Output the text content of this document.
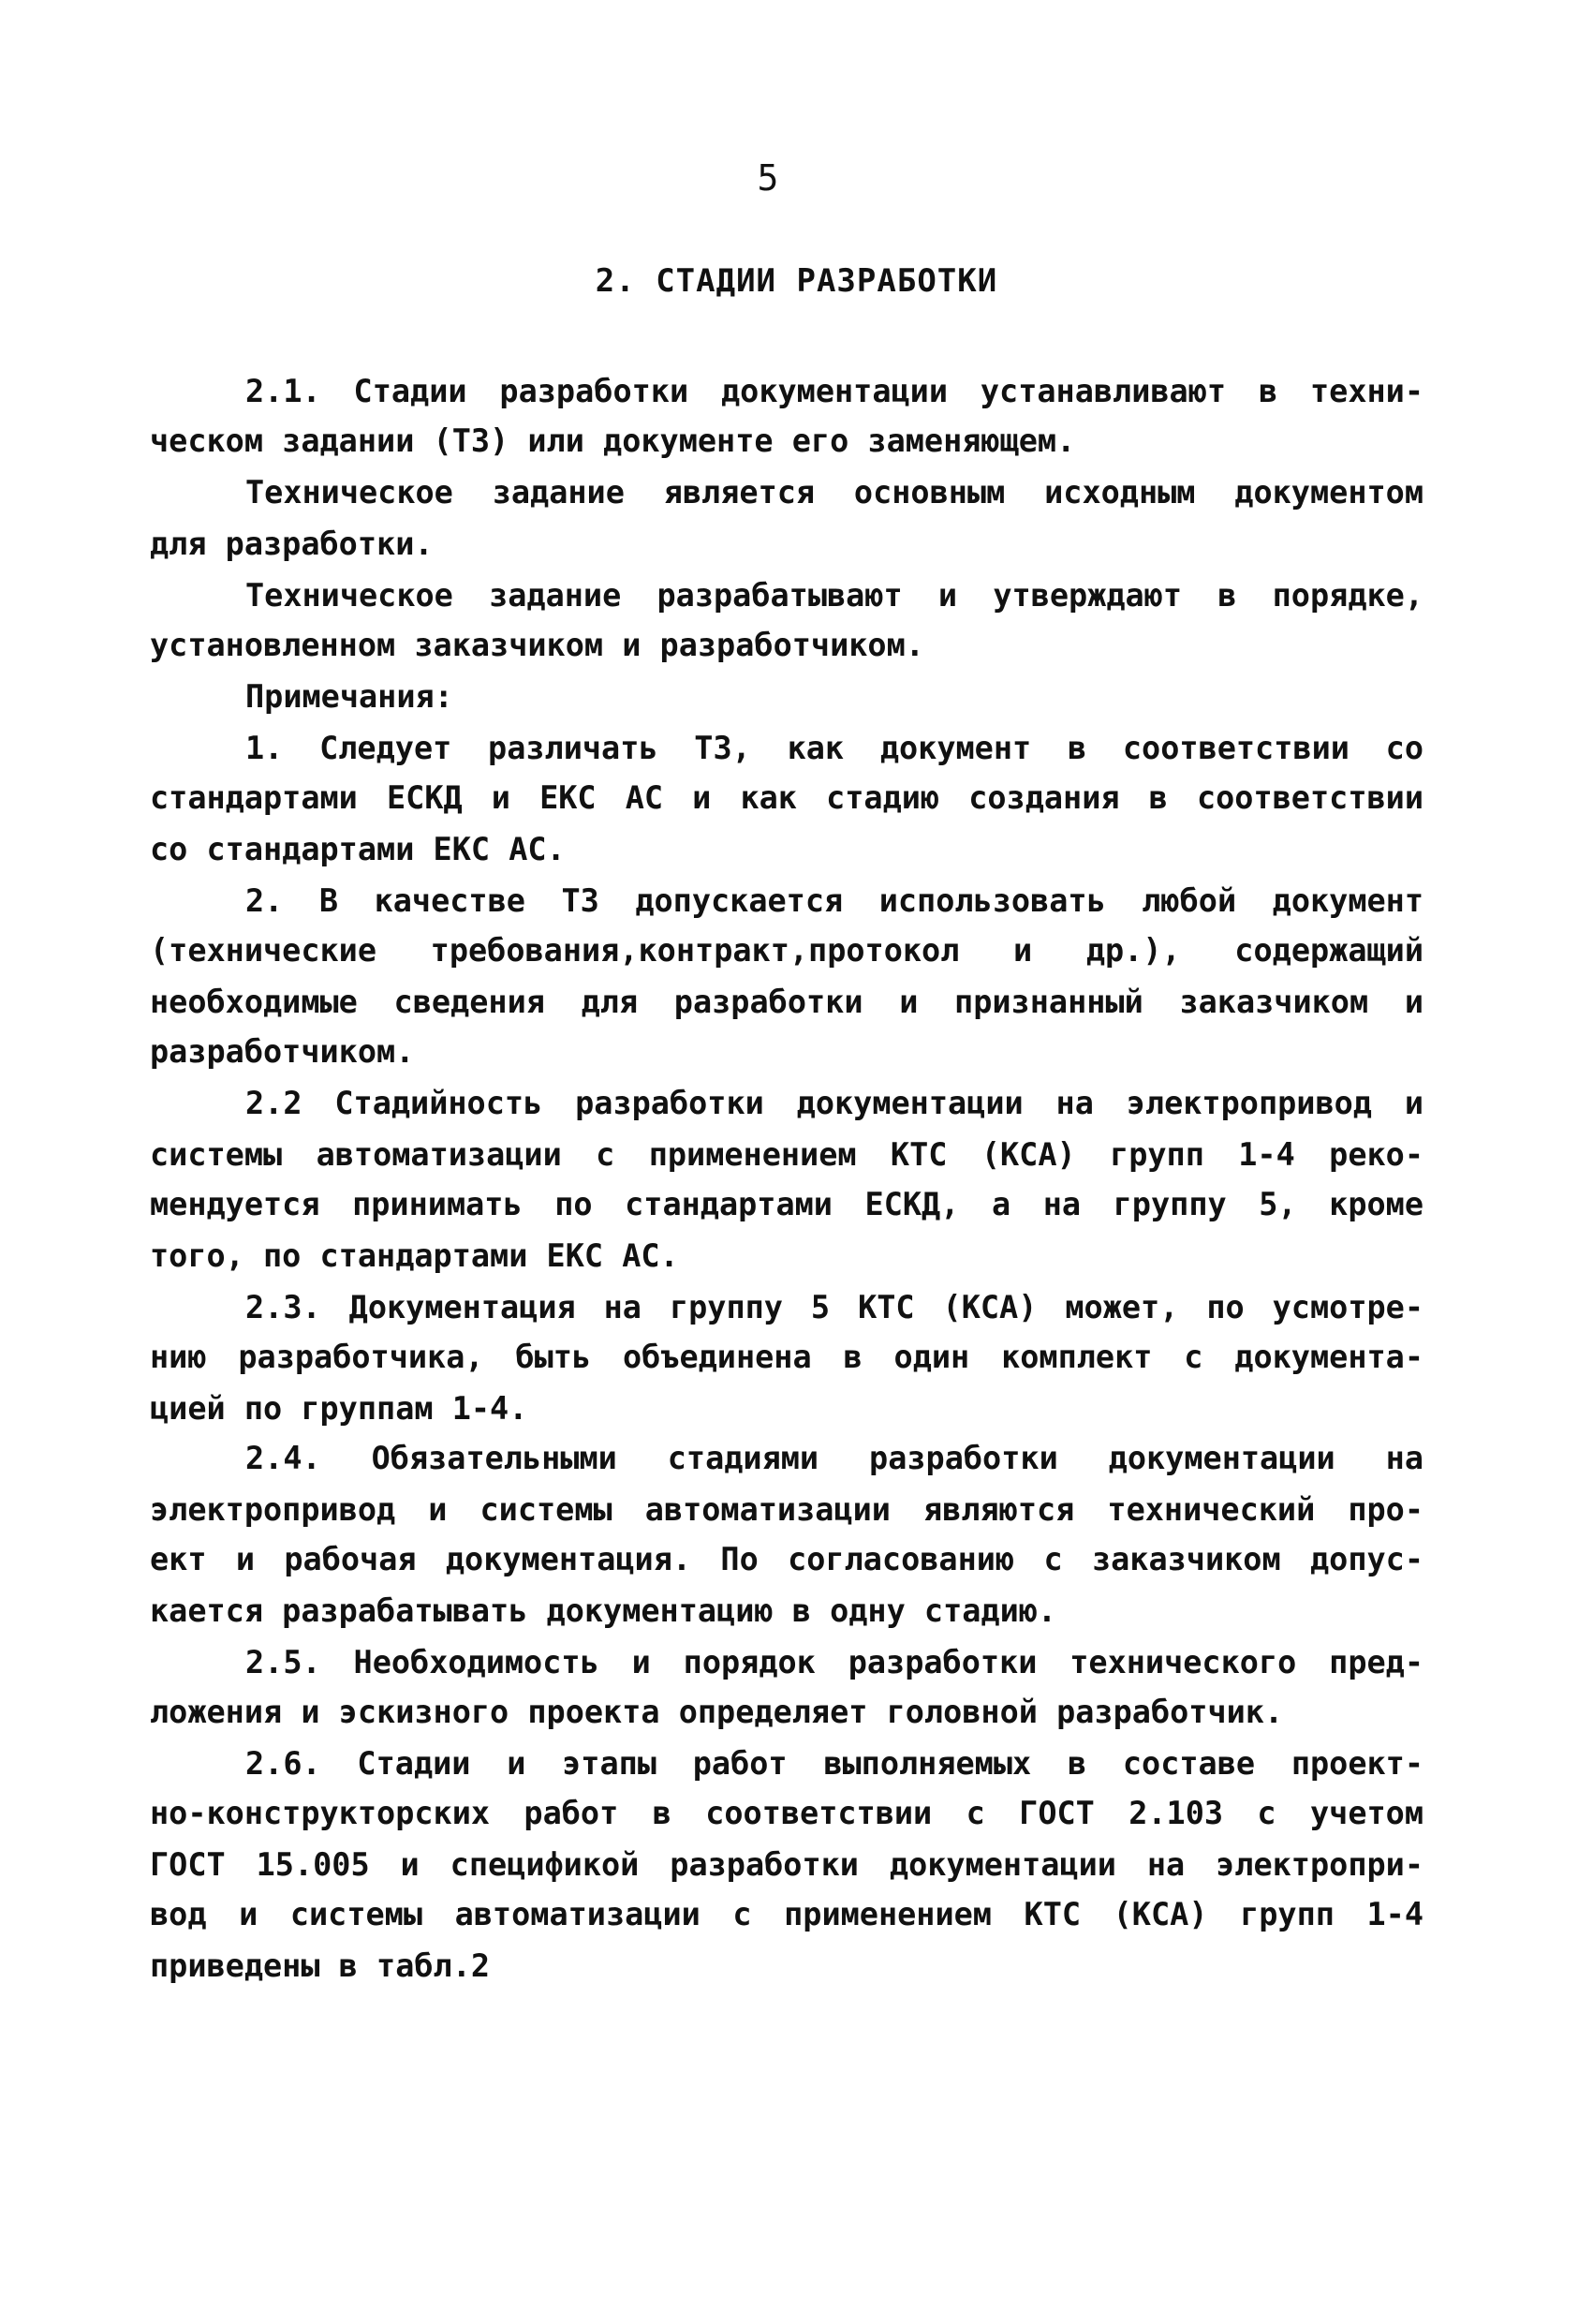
5
2. СТАДИИ РАЗРАБОТКИ
2.1. Стадии разработки документации устанавливают в техни-
ческом задании (ТЗ) или документе его заменяющем.
Техническое задание является основным исходным документом
для разработки.
Техническое задание разрабатывают и утверждают в порядке,
установленном заказчиком и разработчиком.
Примечания:
1. Следует различать ТЗ, как документ в соответствии со
стандартами ЕСКД и ЕКС АС и как стадию создания в соответствии
со стандартами ЕКС АС.
2. В качестве ТЗ допускается использовать любой документ
(технические требования,контракт,протокол и др.), содержащий
необходимые сведения для разработки и признанный заказчиком и
разработчиком.
2.2 Стадийность разработки документации на электропривод и
системы автоматизации с применением КТС (КСА) групп 1-4 реко-
мендуется принимать по стандартами ЕСКД, а на группу 5, кроме
того, по стандартами ЕКС АС.
2.3. Документация на группу 5 КТС (КСА) может, по усмотре-
нию разработчика, быть объединена в один комплект с документа-
цией по группам 1-4.
2.4. Обязательными стадиями разработки документации на
электропривод и системы автоматизации являются технический про-
ект и рабочая документация. По согласованию с заказчиком допус-
кается разрабатывать документацию в одну стадию.
2.5. Необходимость и порядок разработки технического пред-
ложения и эскизного проекта определяет головной разработчик.
2.6. Стадии и этапы работ выполняемых в составе проект-
но-конструкторских работ в соответствии с ГОСТ 2.103 с учетом
ГОСТ 15.005 и спецификой разработки документации на электропри-
вод и системы автоматизации с применением КТС (КСА) групп 1-4
приведены в табл.2
